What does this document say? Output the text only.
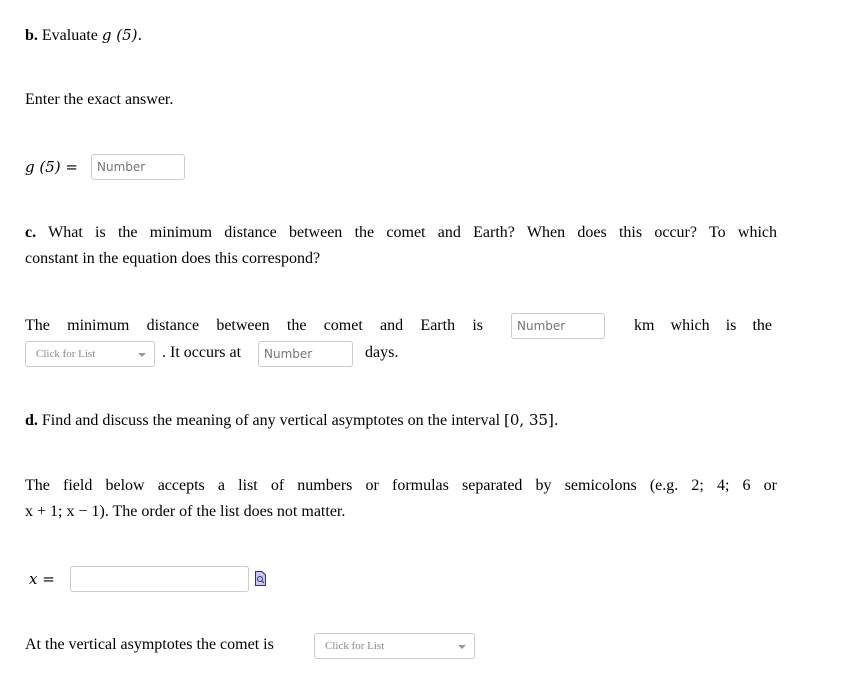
b. Evaluate g (5).
Enter the exact answer.
g (5) =
Number
c. What is the minimum distance between the comet and Earth? When does this occur? To which
constant in the equation does this correspond?
The minimum distance between the comet and Earth is
Number	km which is the
Click for List	. It occurs at
Number	days.
d. Find and discuss the meaning of any vertical asymptotes on the interval [0, 35].
The field below accepts a list of numbers or formulas separated by semicolons (e.g. 2; 4; 6 or
x + 1; x − 1). The order of the list does not matter.
x =
At the vertical asymptotes the comet is	Click for List
